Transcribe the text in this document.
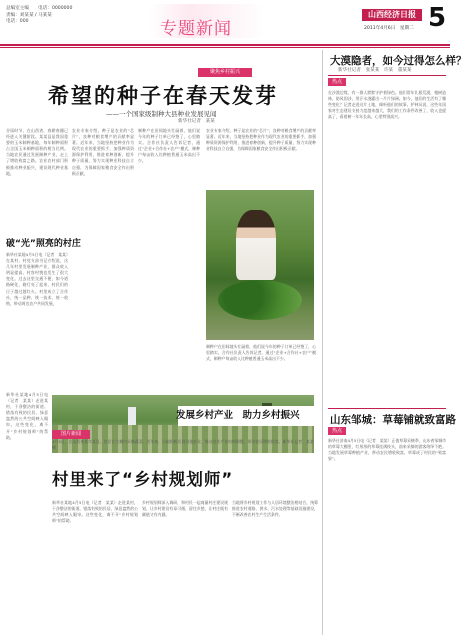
总编室主编　　电话：0000000
责编：刘某某 / 马某某
电话：000	专题新闻
山西经济日报
2011年4月6日　星期二 5
聚焦乡村振兴
希望的种子在春天发芽
——一个国家级制种大县种业发展见闻
新华社记者　某某
谷雨时节，在山西省，春耕春播已经进入关键阶段。某某县是我国重要的玉米制种基地，每年制种面积占全国玉米制种面积的相当比例。当地农民通过发展制种产业，走上了增收致富之路。农业农村部门积极推动种业振兴，建设现代种业基地。
破“光”照亮的村庄
新华社某地4月5日电（记者　某某）在某村，村党支部书记介绍说，这几年村里发展制种产业，群众收入明显提高，村容村貌也发生了很大变化。过去这里交通不便，如今道路硬化，路灯亮了起来，村民们的日子越过越红火。村里成立了合作社，统一品种、统一技术、统一收购，带动周边农户共同发展。
农业专家介绍，种子是农业的“芯片”，良种对粮食增产的贡献率显著。近年来，当地坚持把种业作为现代农业的重要抓手，加强种质资源保护利用，推进育种创新，提升种子质量，努力实现种业科技自立自强，为保障国家粮食安全作出积极贡献。
制种户在田间地头忙碌着，他们说今年的种子订单已经签了，心里踏实。合作社负责人告诉记者，通过“企业+合作社+农户”模式，制种户每亩收入比种植普通玉米高出不少。
农业专家介绍，种子是农业的“芯片”，良种对粮食增产的贡献率显著。近年来，当地坚持把种业作为现代农业的重要抓手，加强种质资源保护利用，推进育种创新，提升种子质量，努力实现种业科技自立自强，为保障国家粮食安全作出积极贡献。
制种户在田间地头忙碌着，他们说今年的种子订单已经签了，心里踏实。合作社负责人告诉记者，通过“企业+合作社+农户”模式，制种户每亩收入比种植普通玉米高出不少。
发展乡村产业　助力乡村振兴
图片新闻
4月5日，在山西省某市某县，农民在大棚内采摘蔬菜。近年来，当地积极发展设施农业，推动农业产业结构调整，带动农民增收致富。新华社记者　某某　摄
村里来了“乡村规划师”
新华社某地4月5日电（记者　某某）走进某村，干净整洁的街道、错落有致的民居、绿意盎然的公共空间映入眼帘。这些变化，离不开“乡村规划师”的帮助。
新华社某地4月5日电（记者　某某）走进某村，干净整洁的街道、错落有致的民居、绿意盎然的公共空间映入眼帘。这些变化，离不开“乡村规划师”的帮助。
乡村规划师深入调研，和村民一起商量村庄建设规划，让乡村建设有章可循，留住乡愁，让村庄既有颜值又有内涵。
当地将乡村规划工作与人居环境整治相结合，统筹推进农村道路、供水、污水处理等基础设施建设，不断改善农村生产生活条件。
大漠隐者，如今过得怎么样？
新华社记者　张某某　许某　董某某
热点
在沙漠边缘，有一群人默默守护着绿色。他们常年扎根荒漠，植树造林，防风固沙，用汗水浇灌出一片片绿洲。如今，他们的生活有了哪些变化？记者走进这片土地，倾听他们的故事。护林员说，这些年国家对生态建设支持力度越来越大，我们的工作条件改善了，收入也提高了，看着树一年年长高，心里特别高兴。
山东邹城：草莓铺就致富路
热点
新华社济南4月5日电（记者　某某）正值草莓采摘季，山东省邹城市的草莓大棚里，红彤彤的草莓挂满枝头，前来采摘的游客络绎不绝。当地发展草莓种植产业，带动农民增收致富，草莓成了村民的“致富果”。
